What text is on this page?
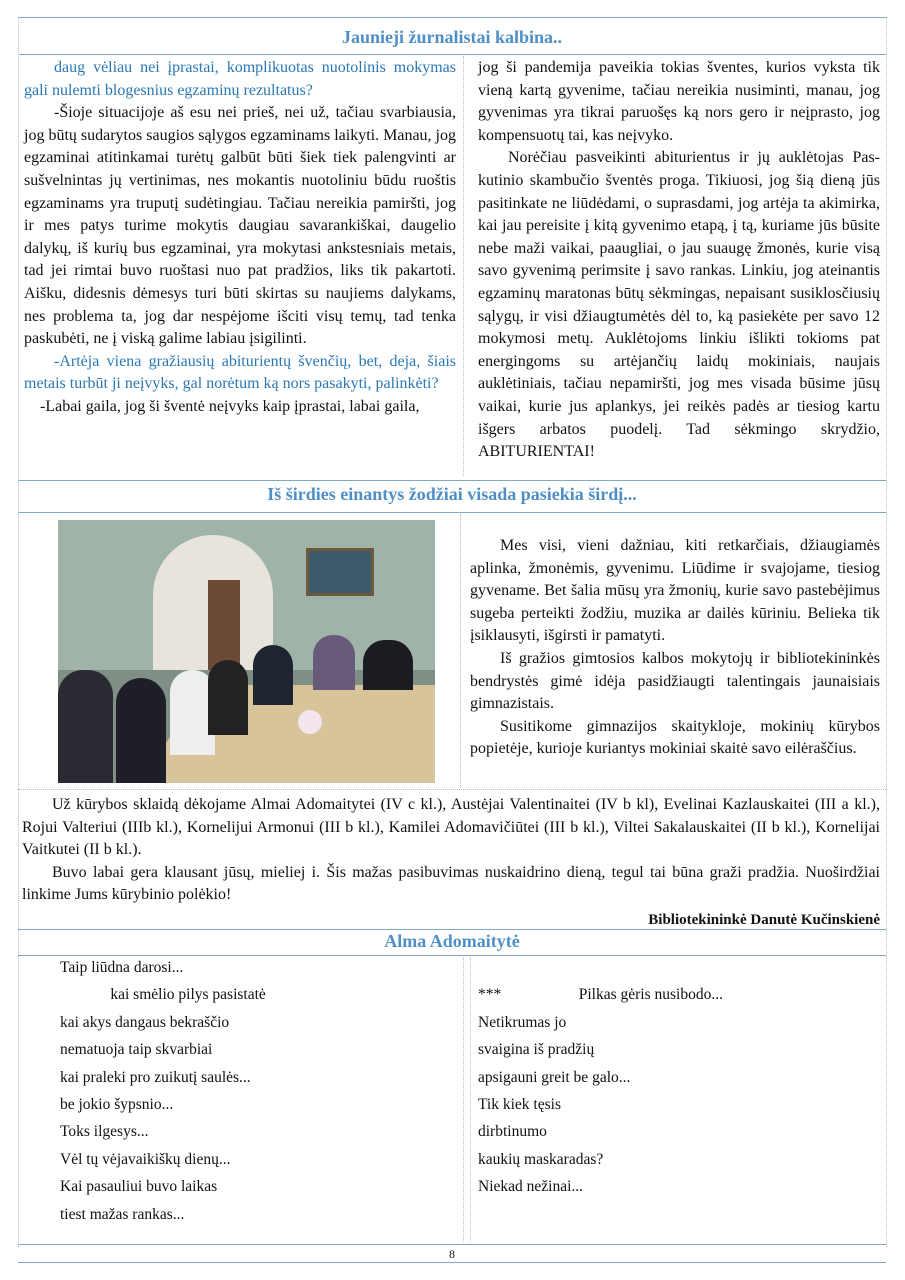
Jaunieji žurnalistai kalbina..

daug vėliau nei įprastai, komplikuotas nuotolinis mokymas gali nulemti blogesnius egzaminų rezultatus?

-Šioje situacijoje aš esu nei prieš, nei už, tačiau svarbiausia, jog būtų sudarytos saugios sąlygos egzaminams laikyti. Manau, jog egzaminai atitinkamai turėtų galbūt būti šiek tiek palengvinti ar sušvelnintas jų vertinimas, nes mokantis nuotoliniu būdu ruoštis egzaminams yra truputį sudėtingiau. Tačiau nereikia pamiršti, jog ir mes patys turime mokytis daugiau savarankiškai, daugelio dalykų, iš kurių bus egzaminai, yra mokytasi ankstesniais metais, tad jei rimtai buvo ruoštasi nuo pat pradžios, liks tik pakartoti. Aišku, didesnis dėmesys turi būti skirtas su naujiems dalykams, nes problema ta, jog dar nespėjome išciti visų temų, tad tenka paskubėti, ne į viską galime labiau įsigilinti.

-Artėja viena gražiausių abiturientų švenčių, bet, deja, šiais metais turbūt ji neįvyks, gal norėtum ką nors pasakyti, palinkėti?

-Labai gaila, jog ši šventė neįvyks kaip įprastai, labai gaila,

jog ši pandemija paveikia tokias šventes, kurios vyksta tik vieną kartą gyvenime, tačiau nereikia nusiminti, manau, jog gyvenimas yra tikrai paruošęs ką nors gero ir neįprasto, jog kompensuotų tai, kas neįvyko.

Norėčiau pasveikinti abiturientus ir jų auklėtojas Paskutinio skambučio šventės proga. Tikiuosi, jog šią dieną jūs pasitinkate ne liūdėdami, o suprasdami, jog artėja ta akimirka, kai jau pereisite į kitą gyvenimo etapą, į tą, kuriame jūs būsite nebe maži vaikai, paaugliai, o jau suaugę žmonės, kurie visą savo gyvenimą perimsite į savo rankas. Linkiu, jog ateinantis egzaminų maratonas būtų sėkmingas, nepaisant susiklosčiusių sąlygų, ir visi džiaugtumėtės dėl to, ką pasiekėte per savo 12 mokymosi metų. Auklėtojoms linkiu išlikti tokioms pat energingoms su artėjančių laidų mokiniais, naujais auklėtiniais, tačiau nepamiršti, jog mes visada būsime jūsų vaikai, kurie jus aplankys, jei reikės padės ar tiesiog kartu išgers arbatos puodelį. Tad sėkmingo skrydžio, ABITURIENTAI!

Iš širdies einantys žodžiai visada pasiekia širdį...

Mes visi, vieni dažniau, kiti retkarčiais, džiaugiamės aplinka, žmonėmis, gyvenimu. Liūdime ir svajojame, tiesiog gyvename. Bet šalia mūsų yra žmonių, kurie savo pastebėjimus sugeba perteikti žodžiu, muzika ar dailės kūriniu. Belieka tik įsiklausyti, išgirsti ir pamatyti.

Iš gražios gimtosios kalbos mokytojų ir bibliotekininkės bendrystės gimė idėja pasidžiaugti talentingais jaunaisiais gimnazistais.

Susitikome gimnazijos skaitykloje, mokinių kūrybos popietėje, kurioje kuriantys mokiniai skaitė savo eilėraščius.

Už kūrybos sklaidą dėkojame Almai Adomaitytei (IV c kl.), Austėjai Valentinaitei (IV b kl), Evelinai Kazlauskaitei (III a kl.), Rojui Valteriui (IIIb kl.), Kornelijui Armonui (III b kl.), Kamilei Adomavičiūtei (III b kl.), Viltei Sakalauskaitei (II b kl.), Kornelijai Vaitkutei (II b kl.).

Buvo labai gera klausant jūsų, mieliej i. Šis mažas pasibuvimas nuskaidrino dieną, tegul tai būna graži pradžia. Nuoširdžiai linkime Jums kūrybinio polėkio!

Bibliotekininkė Danutė Kučinskienė
Alma Adomaitytė
Taip liūdna darosi...
kai smėlio pilys pasistatė
kai akys dangaus bekraščio
nematuoja taip skvarbiai
kai praleki pro zuikutį saulės...
be jokio šypsnio...
Toks ilgesys...
Vėl tų vėjavaikiškų dienų...
Kai pasauliui buvo laikas
tiest mažas rankas...
***                    Pilkas gėris nusibodo...
Netikrumas jo
svaigina iš pradžių
apsigauni greit be galo...
Tik kiek tęsis
dirbtinumo
kaukių maskaradas?
Niekad nežinai...
8
